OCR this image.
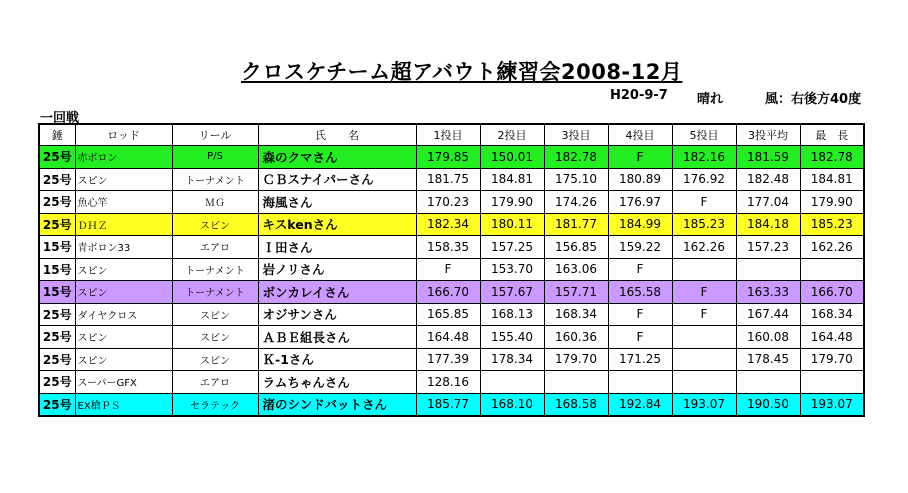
クロスケチーム超アバウト練習会2008-12月
H20-9-7 晴れ	風：右後方40度
一回戦
錘	ロッド	リール	氏　　名	1投目	2投目	3投目	4投目	5投目	3投平均	最　長
25号	赤ボロン	P/S	森のクマさん	179.85	150.01	182.78	F	182.16	181.59	182.78
25号	スピン	トーナメント	ＣＢスナイパーさん	181.75	184.81	175.10	180.89	176.92	182.48	184.81
25号	魚心竿	ＭＧ	海風さん	170.23	179.90	174.26	176.97	F	177.04	179.90
25号	ＤＨＺ	スピン	キスkenさん	182.34	180.11	181.77	184.99	185.23	184.18	185.23
15号	青ボロン33	エアロ	Ｉ田さん	158.35	157.25	156.85	159.22	162.26	157.23	162.26
15号	スピン	トーナメント	岩ノリさん	F	153.70	163.06	F			
15号	スピン	トーナメント	ボンカレイさん	166.70	157.67	157.71	165.58	F	163.33	166.70
25号	ダイヤクロス	スピン	オジサンさん	165.85	168.13	168.34	F	F	167.44	168.34
25号	スピン	スピン	ＡＢＥ組長さん	164.48	155.40	160.36	F		160.08	164.48
25号	スピン	スピン	Ｋ-1さん	177.39	178.34	179.70	171.25		178.45	179.70
25号	スーパーGFX	エアロ	ラムちゃんさん	128.16						
25号	EX槍ＰＳ	セラテック	渚のシンドバットさん	185.77	168.10	168.58	192.84	193.07	190.50	193.07
